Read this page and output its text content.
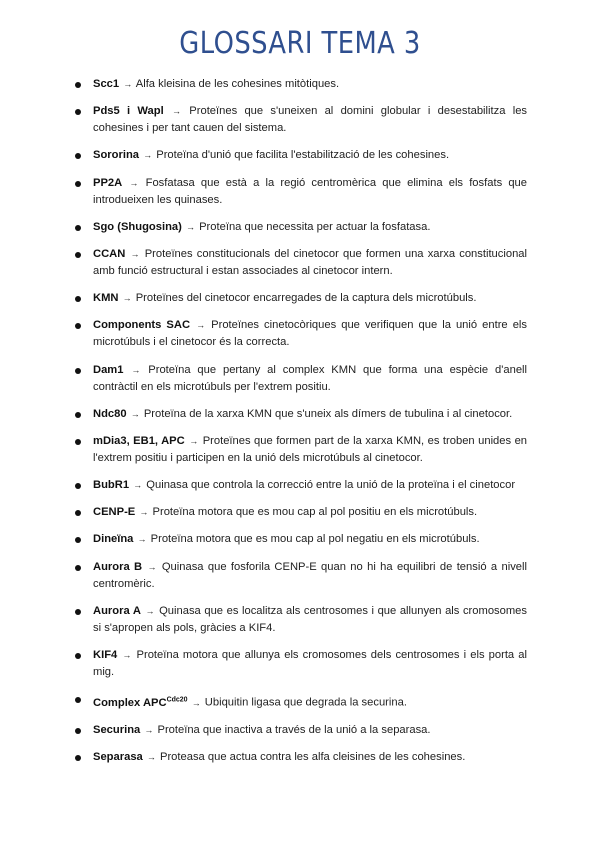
GLOSSARI TEMA 3
Scc1 → Alfa kleisina de les cohesines mitòtiques.
Pds5 i Wapl → Proteïnes que s'uneixen al domini globular i desestabilitza les cohesines i per tant cauen del sistema.
Sororina → Proteïna d'unió que facilita l'estabilització de les cohesines.
PP2A → Fosfatasa que està a la regió centromèrica que elimina els fosfats que introdueixen les quinases.
Sgo (Shugosina) → Proteïna que necessita per actuar la fosfatasa.
CCAN → Proteïnes constitucionals del cinetocor que formen una xarxa constitucional amb funció estructural i estan associades al cinetocor intern.
KMN → Proteïnes del cinetocor encarregades de la captura dels microtúbuls.
Components SAC → Proteïnes cinetocòriques que verifiquen que la unió entre els microtúbuls i el cinetocor és la correcta.
Dam1 → Proteïna que pertany al complex KMN que forma una espècie d'anell contràctil en els microtúbuls per l'extrem positiu.
Ndc80 → Proteïna de la xarxa KMN que s'uneix als dímers de tubulina i al cinetocor.
mDia3, EB1, APC → Proteïnes que formen part de la xarxa KMN, es troben unides en l'extrem positiu i participen en la unió dels microtúbuls al cinetocor.
BubR1 → Quinasa que controla la correcció entre la unió de la proteïna i el cinetocor
CENP-E → Proteïna motora que es mou cap al pol positiu en els microtúbuls.
Dineïna → Proteïna motora que es mou cap al pol negatiu en els microtúbuls.
Aurora B → Quinasa que fosforila CENP-E quan no hi ha equilibri de tensió a nivell centromèric.
Aurora A → Quinasa que es localitza als centrosomes i que allunyen als cromosomes si s'apropen als pols, gràcies a KIF4.
KIF4 → Proteïna motora que allunya els cromosomes dels centrosomes i els porta al mig.
Complex $APC^{Cdc20}$ → Ubiquitin ligasa que degrada la securina.
Securina → Proteïna que inactiva a través de la unió a la separasa.
Separasa → Proteasa que actua contra les alfa cleisines de les cohesines.
